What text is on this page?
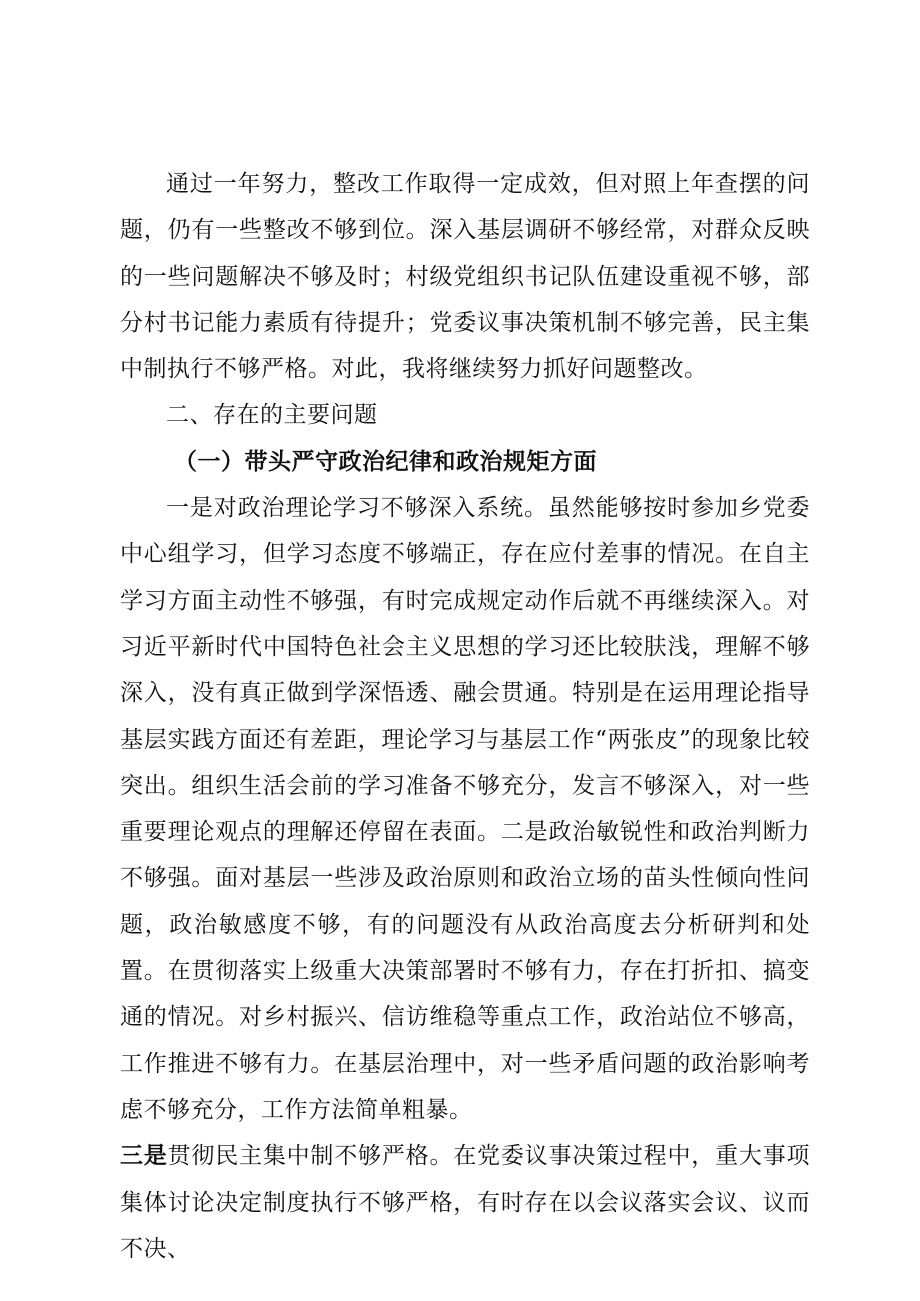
通过一年努力，整改工作取得一定成效，但对照上年查摆的问题，仍有一些整改不够到位。深入基层调研不够经常，对群众反映的一些问题解决不够及时；村级党组织书记队伍建设重视不够，部分村书记能力素质有待提升；党委议事决策机制不够完善，民主集中制执行不够严格。对此，我将继续努力抓好问题整改。

二、存在的主要问题

（一）带头严守政治纪律和政治规矩方面

一是对政治理论学习不够深入系统。虽然能够按时参加乡党委中心组学习，但学习态度不够端正，存在应付差事的情况。在自主学习方面主动性不够强，有时完成规定动作后就不再继续深入。对习近平新时代中国特色社会主义思想的学习还比较肤浅，理解不够深入，没有真正做到学深悟透、融会贯通。特别是在运用理论指导基层实践方面还有差距，理论学习与基层工作“两张皮”的现象比较突出。组织生活会前的学习准备不够充分，发言不够深入，对一些重要理论观点的理解还停留在表面。二是政治敏锐性和政治判断力不够强。面对基层一些涉及政治原则和政治立场的苗头性倾向性问题，政治敏感度不够，有的问题没有从政治高度去分析研判和处置。在贯彻落实上级重大决策部署时不够有力，存在打折扣、搞变通的情况。对乡村振兴、信访维稳等重点工作，政治站位不够高，工作推进不够有力。在基层治理中，对一些矛盾问题的政治影响考虑不够充分，工作方法简单粗暴。

三是贯彻民主集中制不够严格。在党委议事决策过程中，重大事项集体讨论决定制度执行不够严格，有时存在以会议落实会议、议而不决、
